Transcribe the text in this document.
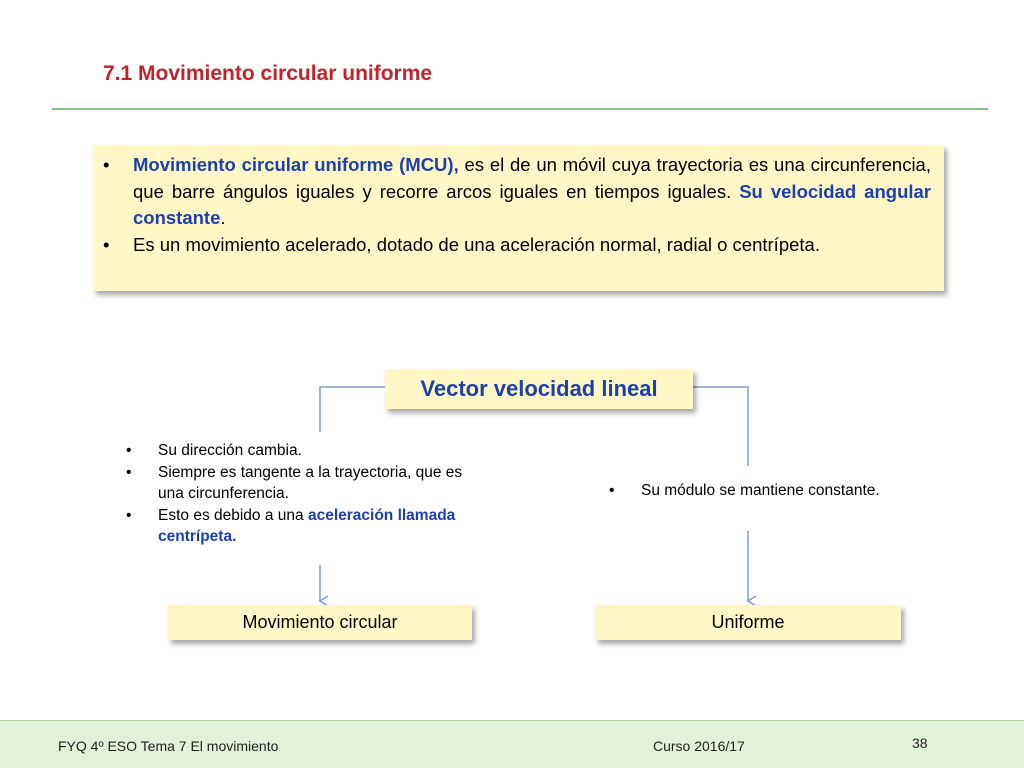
7.1 Movimiento circular uniforme
• Movimiento circular uniforme (MCU), es el de un móvil cuya trayectoria es una circunferencia, que barre ángulos iguales y recorre arcos iguales en tiempos iguales. Su velocidad angular constante.
• Es un movimiento acelerado, dotado de una aceleración normal, radial o centrípeta.
Vector velocidad lineal
• Su dirección cambia.
• Siempre es tangente a la trayectoria, que es una circunferencia.
• Esto es debido a una aceleración llamada centrípeta.
• Su módulo se mantiene constante.
Movimiento circular	Uniforme
FYQ 4º ESO Tema 7 El movimiento	Curso 2016/17	38
